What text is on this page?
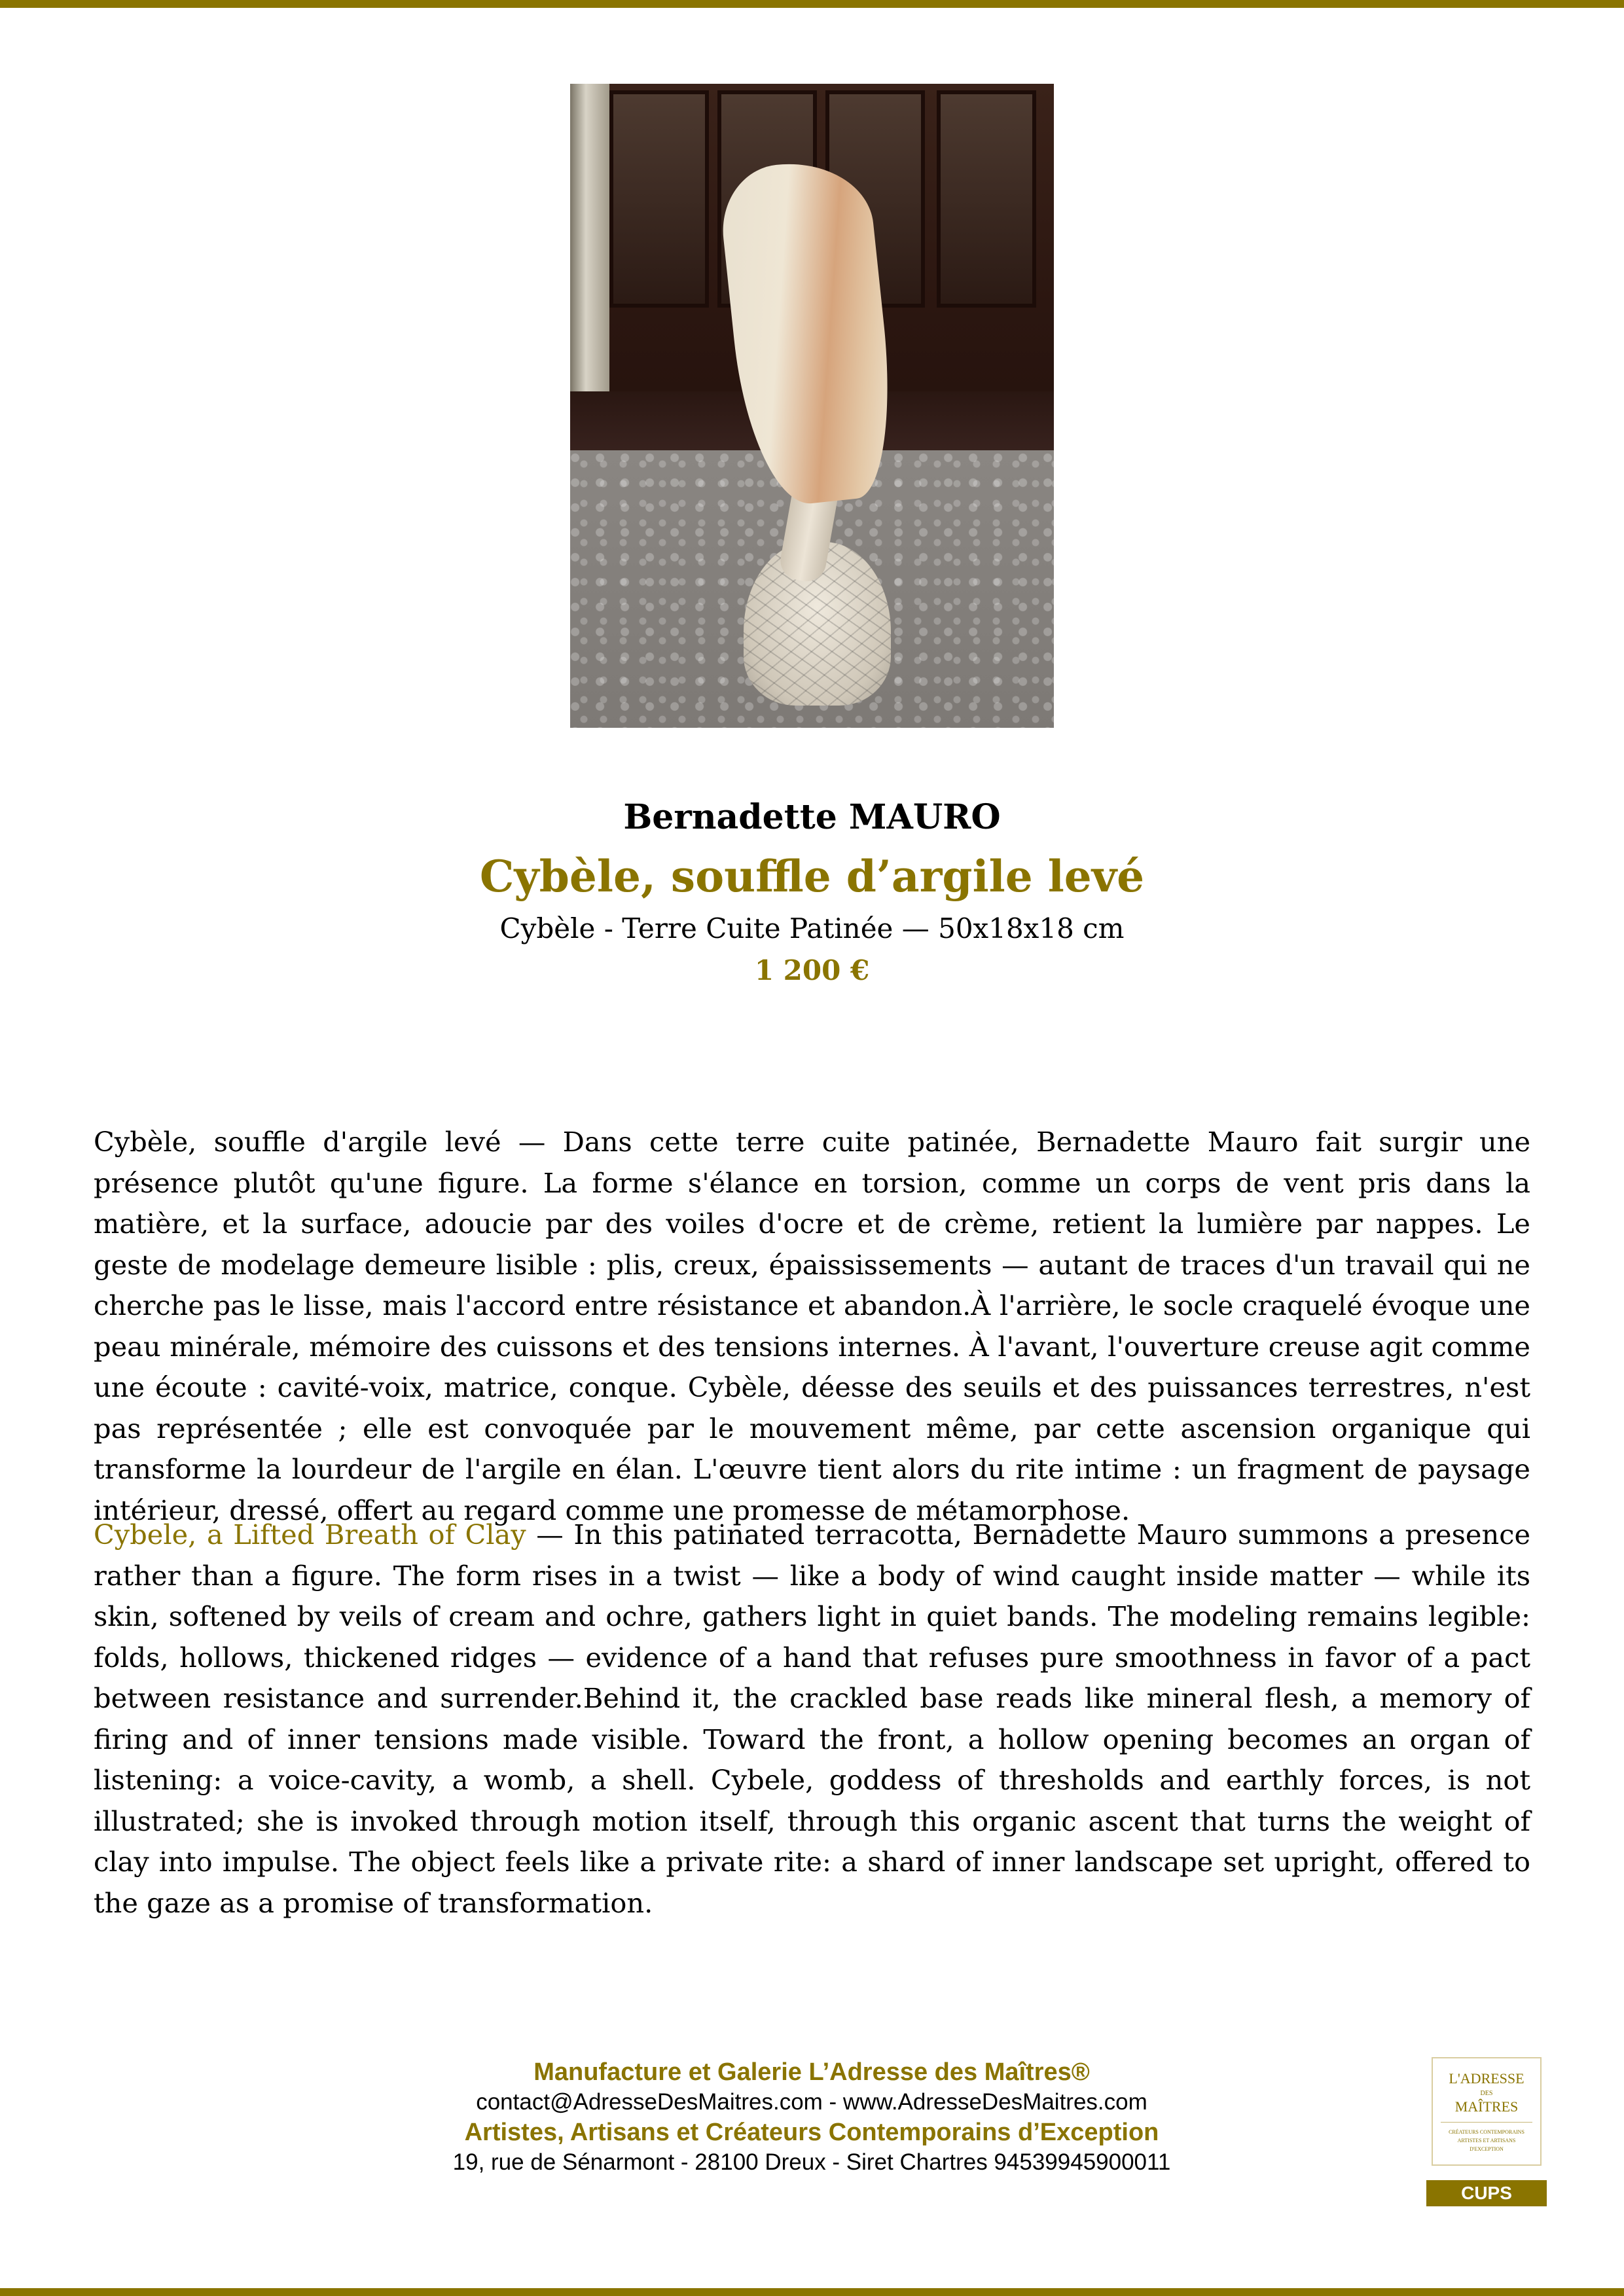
Bernadette MAURO
Cybèle, souffle d’argile levé
Cybèle - Terre Cuite Patinée — 50x18x18 cm
1 200 €

Cybèle, souffle d'argile levé — Dans cette terre cuite patinée, Bernadette Mauro fait surgir une présence plutôt qu'une figure. La forme s'élance en torsion, comme un corps de vent pris dans la matière, et la surface, adoucie par des voiles d'ocre et de crème, retient la lumière par nappes. Le geste de modelage demeure lisible : plis, creux, épaississements — autant de traces d'un travail qui ne cherche pas le lisse, mais l'accord entre résistance et abandon.À l'arrière, le socle craquelé évoque une peau minérale, mémoire des cuissons et des tensions internes. À l'avant, l'ouverture creuse agit comme une écoute : cavité-voix, matrice, conque. Cybèle, déesse des seuils et des puissances terrestres, n'est pas représentée ; elle est convoquée par le mouvement même, par cette ascension organique qui transforme la lourdeur de l'argile en élan. L'œuvre tient alors du rite intime : un fragment de paysage intérieur, dressé, offert au regard comme une promesse de métamorphose.

Cybele, a Lifted Breath of Clay — In this patinated terracotta, Bernadette Mauro summons a presence rather than a figure. The form rises in a twist — like a body of wind caught inside matter — while its skin, softened by veils of cream and ochre, gathers light in quiet bands. The modeling remains legible: folds, hollows, thickened ridges — evidence of a hand that refuses pure smoothness in favor of a pact between resistance and surrender.Behind it, the crackled base reads like mineral flesh, a memory of firing and of inner tensions made visible. Toward the front, a hollow opening becomes an organ of listening: a voice-cavity, a womb, a shell. Cybele, goddess of thresholds and earthly forces, is not illustrated; she is invoked through motion itself, through this organic ascent that turns the weight of clay into impulse. The object feels like a private rite: a shard of inner landscape set upright, offered to the gaze as a promise of transformation.

Manufacture et Galerie L’Adresse des Maîtres®
contact@AdresseDesMaitres.com - www.AdresseDesMaitres.com
Artistes, Artisans et Créateurs Contemporains d’Exception
19, rue de Sénarmont - 28100 Dreux - Siret Chartres 94539945900011
L'ADRESSE
DES
MAÎTRES
CRÉATEURS CONTEMPORAINS
ARTISTES ET ARTISANS
D'EXCEPTION
CUPS
